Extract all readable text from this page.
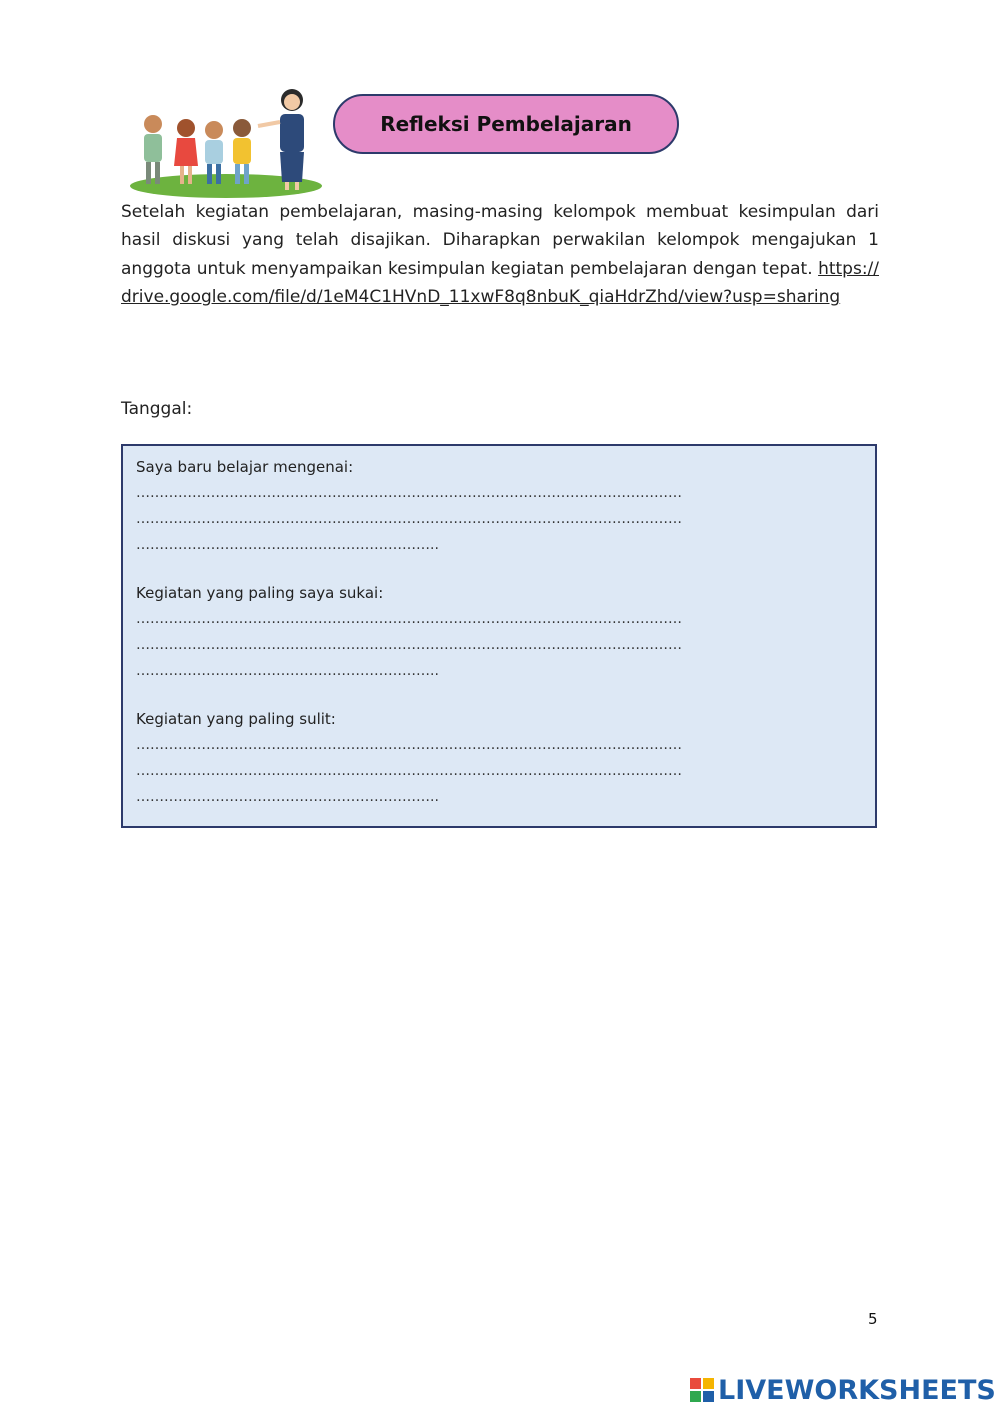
Refleksi Pembelajaran

Setelah kegiatan pembelajaran, masing-masing kelompok membuat kesimpulan dari hasil diskusi yang telah disajikan. Diharapkan perwakilan kelompok mengajukan 1 anggota untuk menyampaikan kesimpulan kegiatan pembelajaran dengan tepat. https://drive.google.com/file/d/1eM4C1HVnD_11xwF8q8nbuK_qiaHdrZhd/view?usp=sharing

Tanggal:
Saya baru belajar mengenai:
………………………………………………………………………………………………………
………………………………………………………………………………………………………
………………………………………………………..
Kegiatan yang paling saya sukai:
………………………………………………………………………………………………………
………………………………………………………………………………………………………
………………………………………………………..
Kegiatan yang paling sulit:
………………………………………………………………………………………………………
………………………………………………………………………………………………………
………………………………………………………..
5
LIVEWORKSHEETS
